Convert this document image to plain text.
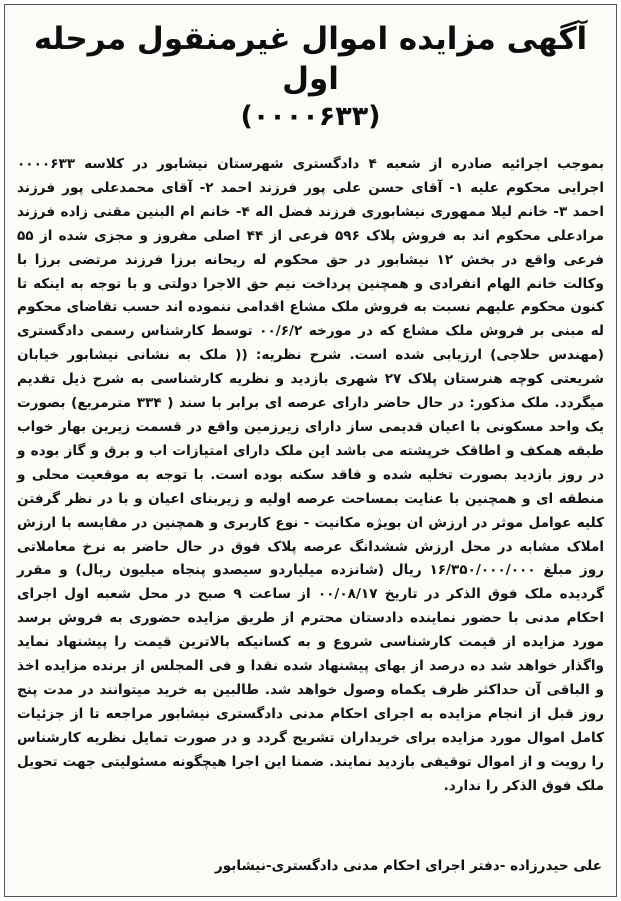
آگهی مزایده اموال غیرمنقول مرحله اول
(۰۰۰۰۶۳۳)
بموجب اجرائیه صادره از شعبه ۴ دادگستری شهرستان نیشابور در کلاسه ۰۰۰۰۶۳۳ اجرایی محکوم علیه ۱- آقای حسن علی پور فرزند احمد ۲- آقای محمدعلی پور فرزند احمد ۳- خانم لیلا ممهوری نیشابوری فرزند فضل اله ۴- خانم ام البنین مقنی زاده فرزند مرادعلی محکوم اند به فروش پلاک ۵۹۶ فرعی از ۴۴ اصلی مفروز و مجزی شده از ۵۵ فرعی واقع در بخش ۱۲ نیشابور در حق محکوم له ریحانه برزا فرزند مرتضی برزا با وکالت خانم الهام انفرادی و همچنین پرداخت نیم حق الاجرا دولتی و با توجه به اینکه تا کنون محکوم علیهم نسبت به فروش ملک مشاع اقدامی ننموده اند حسب تقاضای محکوم له مبنی بر فروش ملک مشاع که در مورخه ۰۰/۶/۲ توسط کارشناس رسمی دادگستری (مهندس حلاجی) ارزیابی شده است. شرح نظریه: (( ملک به نشانی نیشابور خیابان شریعتی کوچه هنرستان پلاک ۲۷ شهری بازدید و نظریه کارشناسی به شرح ذیل تقدیم میگردد. ملک مذکور: در حال حاضر دارای عرصه ای برابر با سند ( ۳۳۴ مترمربع) بصورت یک واحد مسکونی با اعیان قدیمی ساز دارای زیرزمین واقع در قسمت زیرین بهار خواب طبقه همکف و اطاقک خرپشته می باشد این ملک دارای امتیازات اب و برق و گاز بوده و در روز بازدید بصورت تخلیه شده و فاقد سکنه بوده است. با توجه به موقعیت محلی و منطقه ای و همچنین با عنایت بمساحت عرصه اولیه و زیربنای اعیان و با در نظر گرفتن کلیه عوامل موثر در ارزش ان بویژه مکانیت - نوع کاربری و همچنین در مقایسه با ارزش املاک مشابه در محل ارزش ششدانگ عرصه پلاک فوق در حال حاضر به نرخ معاملاتی روز مبلغ ۱۶/۳۵۰/۰۰۰/۰۰۰ ریال (شانزده میلیاردو سیصدو پنجاه میلیون ریال) و مقرر گردیده ملک فوق الذکر در تاریخ ۰۰/۰۸/۱۷ از ساعت ۹ صبح در محل شعبه اول اجرای احکام مدنی با حضور نماینده دادستان محترم از طریق مزایده حضوری به فروش برسد مورد مزایده از قیمت کارشناسی شروع و به کسانیکه بالاترین قیمت را پیشنهاد نماید واگذار خواهد شد ده درصد از بهای پیشنهاد شده نقدا و فی المجلس از برنده مزایده اخذ و الباقی آن حداکثر ظرف یکماه وصول خواهد شد. طالبین به خرید میتوانند در مدت پنج روز قبل از انجام مزایده به اجرای احکام مدنی دادگستری نیشابور مراجعه تا از جزئیات کامل اموال مورد مزایده برای خریداران تشریح گردد و در صورت تمایل نظریه کارشناس را رویت و از اموال توقیفی بازدید نمایند. ضمنا این اجرا هیچگونه مسئولیتی جهت تحویل ملک فوق الذکر را ندارد.
علی حیدرزاده -دفتر اجرای احکام مدنی دادگستری-نیشابور
